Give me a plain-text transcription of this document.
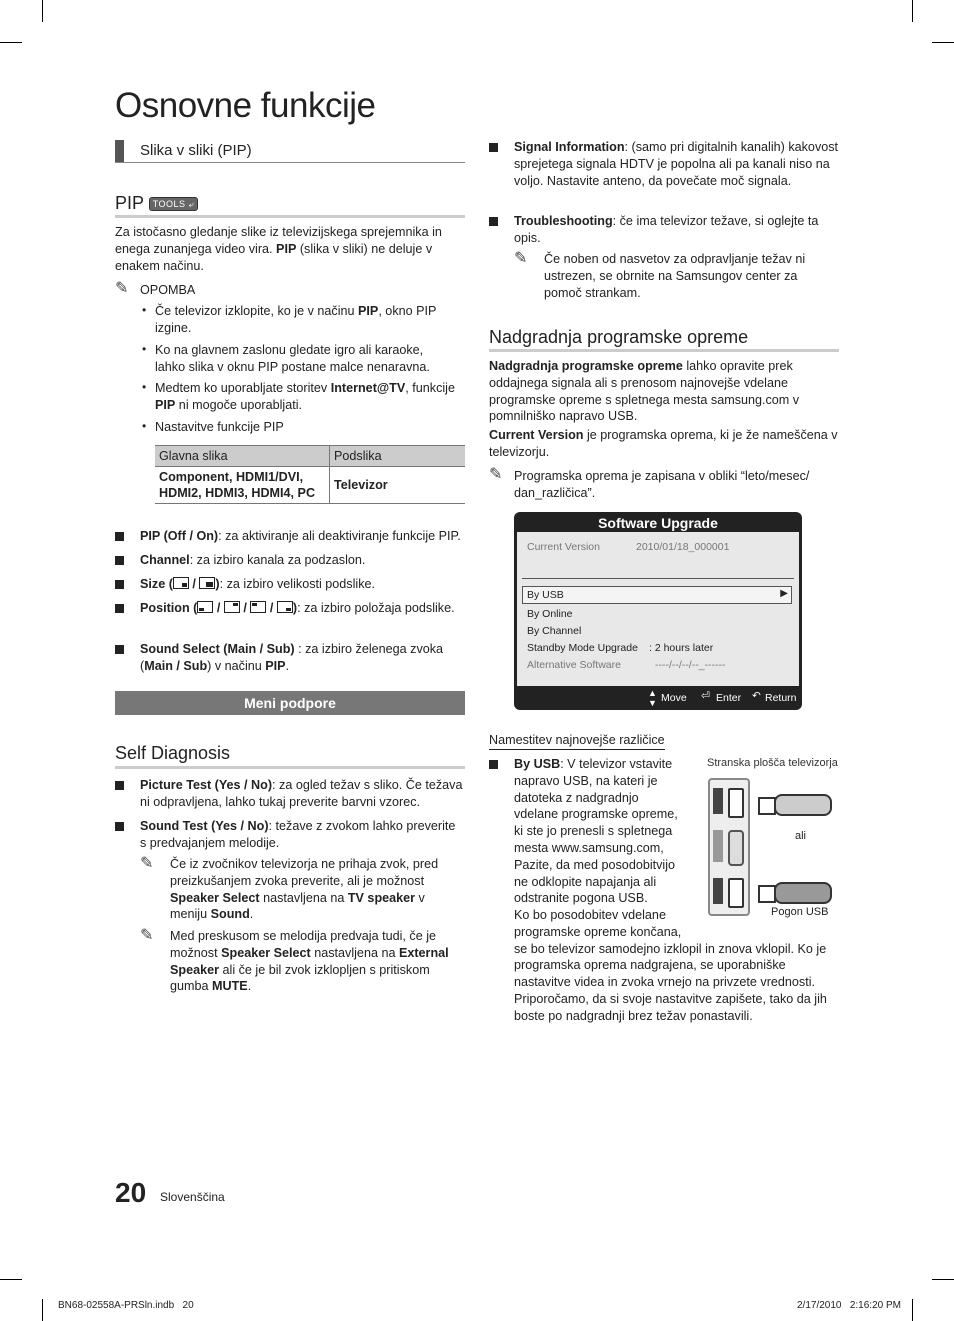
Osnovne funkcije
Slika v sliki (PIP)
PIP TOOLS ⤶
Za istočasno gledanje slike iz televizijskega sprejemnika in enega zunanjega video vira. PIP (slika v sliki) ne deluje v enakem načinu.
✎ OPOMBA
• Če televizor izklopite, ko je v načinu PIP, okno PIP izgine.
• Ko na glavnem zaslonu gledate igro ali karaoke, lahko slika v oknu PIP postane malce nenaravna.
• Medtem ko uporabljate storitev Internet@TV, funkcije PIP ni mogoče uporabljati.
• Nastavitve funkcije PIP
Glavna slika	Podslika
Component, HDMI1/DVI, HDMI2, HDMI3, HDMI4, PC	Televizor
PIP (Off / On): za aktiviranje ali deaktiviranje funkcije PIP.
Channel: za izbiro kanala za podzaslon.
Size (
/
): za izbiro velikosti podslike.
Position (
/
/
/
): za izbiro položaja podslike.
Sound Select (Main / Sub) : za izbiro želenega zvoka (Main / Sub) v načinu PIP.
Meni podpore
Self Diagnosis
Picture Test (Yes / No): za ogled težav s sliko. Če težava ni odpravljena, lahko tukaj preverite barvni vzorec.
Sound Test (Yes / No): težave z zvokom lahko preverite s predvajanjem melodije.
✎ Če iz zvočnikov televizorja ne prihaja zvok, pred preizkušanjem zvoka preverite, ali je možnost Speaker Select nastavljena na TV speaker v meniju Sound.
✎ Med preskusom se melodija predvaja tudi, če je možnost Speaker Select nastavljena na External Speaker ali če je bil zvok izklopljen s pritiskom gumba MUTE.
Signal Information: (samo pri digitalnih kanalih) kakovost sprejetega signala HDTV je popolna ali pa kanali niso na voljo. Nastavite anteno, da povečate moč signala.
Troubleshooting: če ima televizor težave, si oglejte ta opis.
✎ Če noben od nasvetov za odpravljanje težav ni ustrezen, se obrnite na Samsungov center za pomoč strankam.
Nadgradnja programske opreme
Nadgradnja programske opreme lahko opravite prek oddajnega signala ali s prenosom najnovejše vdelane programske opreme s spletnega mesta samsung.com v pomnilniško napravo USB.
Current Version je programska oprema, ki je že nameščena v televizorju.
✎ Programska oprema je zapisana v obliki “leto/mesec/ dan_različica”.
Software Upgrade
Current Version	2010/01/18_000001
By USB	▶
By Online
By Channel
Standby Mode Upgrade : 2 hours later
Alternative Software	----/--/--/--_------
▲
▼ Move ⏎ Enter ↶ Return
Namestitev najnovejše različice
By USB: V televizor vstavite napravo USB, na kateri je datoteka z nadgradnjo vdelane programske opreme, ki ste jo prenesli s spletnega mesta www.samsung.com, Pazite, da med posodobitvijo ne odklopite napajanja ali odstranite pogona USB.
Ko bo posodobitev vdelane programske opreme končana, se bo televizor samodejno izklopil in znova vklopil. Ko je programska oprema nadgrajena, se uporabniške nastavitve videa in zvoka vrnejo na privzete vrednosti. Priporočamo, da si svoje nastavitve zapišete, tako da jih boste po nadgradnji brez težav ponastavili.
Stranska plošča televizorja
ali
Pogon USB
20 Slovenščina
BN68-02558A-PRSln.indb   20	2/17/2010   2:16:20 PM
